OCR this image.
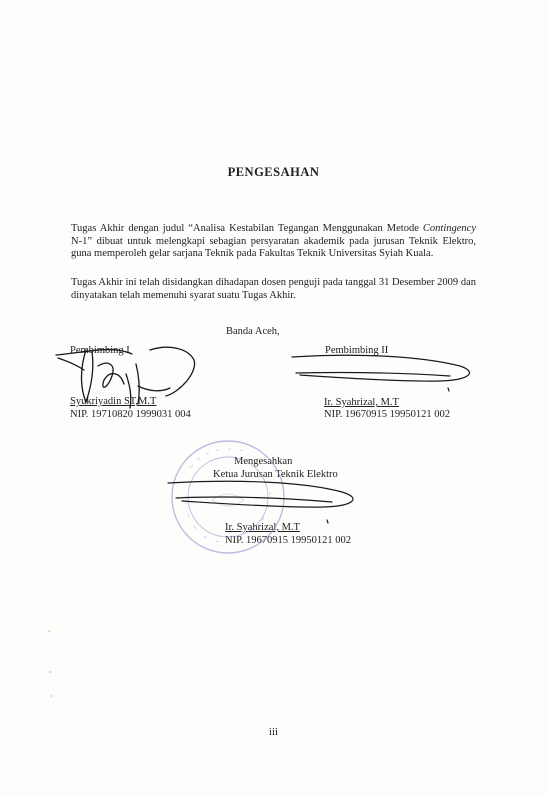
PENGESAHAN
Tugas Akhir dengan judul “Analisa Kestabilan Tegangan Menggunakan Metode Contingency N-1” dibuat untuk melengkapi sebagian persyaratan akademik pada jurusan Teknik Elektro, guna memperoleh gelar sarjana Teknik pada Fakultas Teknik Universitas Syiah Kuala.
Tugas Akhir ini telah disidangkan dihadapan dosen penguji pada tanggal 31 Desember 2009 dan dinyatakan telah memenuhi syarat suatu Tugas Akhir.
Banda Aceh,
Pembimbing I
Syukriyadin ST,M.T
NIP. 19710820 1999031 004
Pembimbing II
Ir. Syahrizal, M.T
NIP. 19670915 19950121 002
Mengesahkan
Ketua Jurusan Teknik Elektro
Ir. Syahrizal, M.T
NIP. 19670915 19950121 002
iii
